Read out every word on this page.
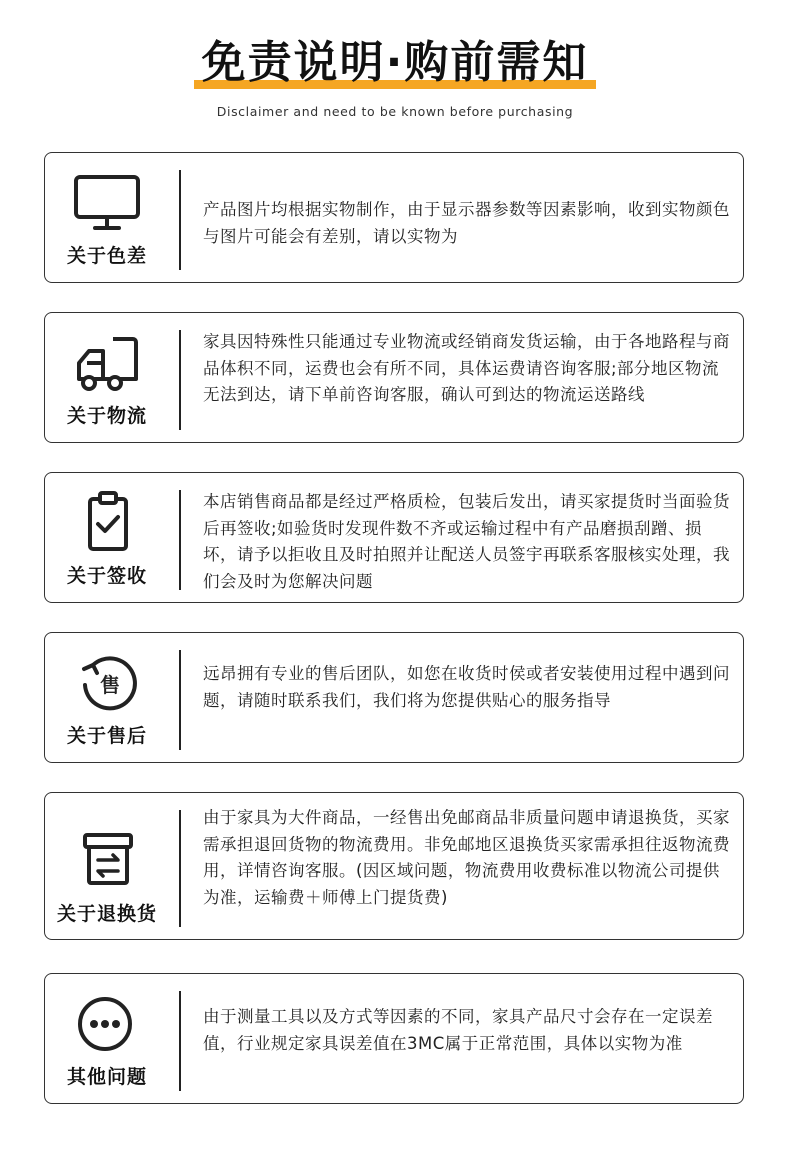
免责说明·购前需知
Disclaimer and need to be known before purchasing
关于色差
产品图片均根据实物制作，由于显示器参数等因素影响，收到实物颜色与图片可能会有差别，请以实物为
关于物流
家具因特殊性只能通过专业物流或经销商发货运输，由于各地路程与商品体积不同，运费也会有所不同，具体运费请咨询客服;部分地区物流无法到达，请下单前咨询客服，确认可到达的物流运送路线
关于签收
本店销售商品都是经过严格质检，包装后发出，请买家提货时当面验货后再签收;如验货时发现件数不齐或运输过程中有产品磨损刮蹭、损坏，请予以拒收且及时拍照并让配送人员签宇再联系客服核实处理，我们会及时为您解决问题
售
关于售后
远昂拥有专业的售后团队，如您在收货时侯或者安装使用过程中遇到问题，请随时联系我们，我们将为您提供贴心的服务指导
关于退换货
由于家具为大件商品，一经售出免邮商品非质量问题申请退换货，买家需承担退回货物的物流费用。非免邮地区退换货买家需承担往返物流费用，详情咨询客服。(因区域问题，物流费用收费标准以物流公司提供为准，运输费＋师傅上门提货费)
其他问题
由于测量工具以及方式等因素的不同，家具产品尺寸会存在一定误差值，行业规定家具误差值在3MC属于正常范围，具体以实物为准
